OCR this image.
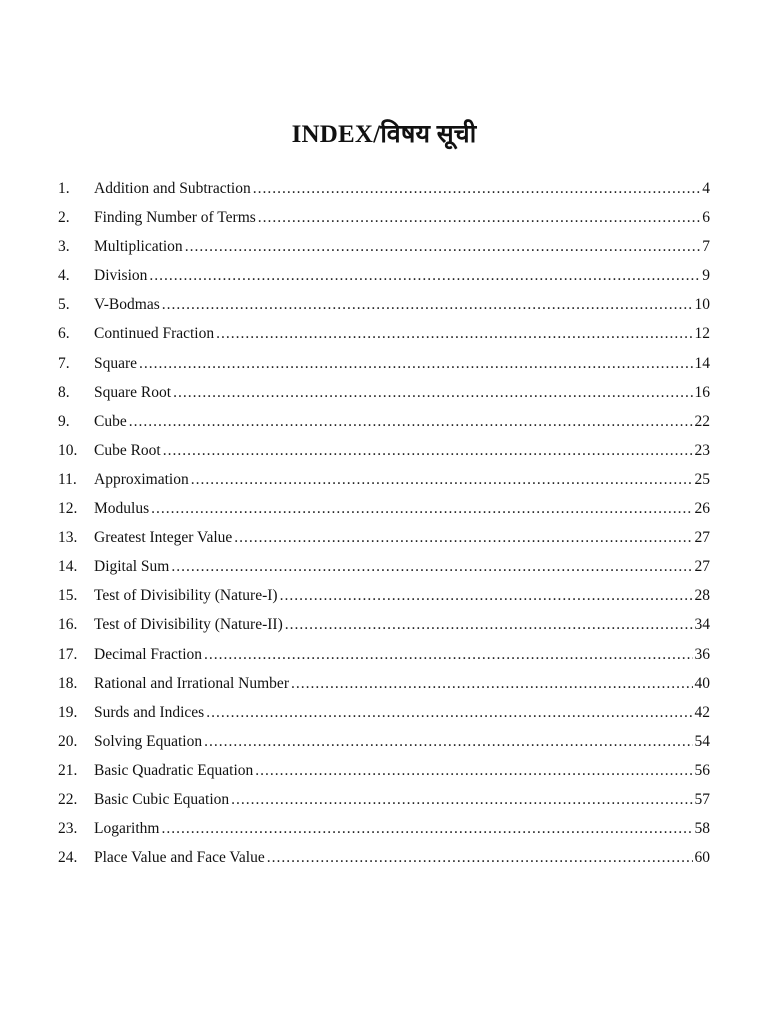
INDEX/विषय सूची
1.	Addition and Subtraction .....	4
2.	Finding Number of Terms .....	6
3.	Multiplication .....	7
4.	Division .....	9
5.	V-Bodmas .....	10
6.	Continued Fraction .....	12
7.	Square .....	14
8.	Square Root .....	16
9.	Cube .....	22
10.	Cube Root .....	23
11.	Approximation .....	25
12.	Modulus .....	26
13.	Greatest Integer Value .....	27
14.	Digital Sum .....	27
15.	Test of Divisibility (Nature-I) .....	28
16.	Test of Divisibility (Nature-II) .....	34
17.	Decimal Fraction .....	36
18.	Rational and Irrational Number .....	40
19.	Surds and Indices .....	42
20.	Solving Equation .....	54
21.	Basic Quadratic Equation .....	56
22.	Basic Cubic Equation .....	57
23.	Logarithm .....	58
24.	Place Value and Face Value .....	60
